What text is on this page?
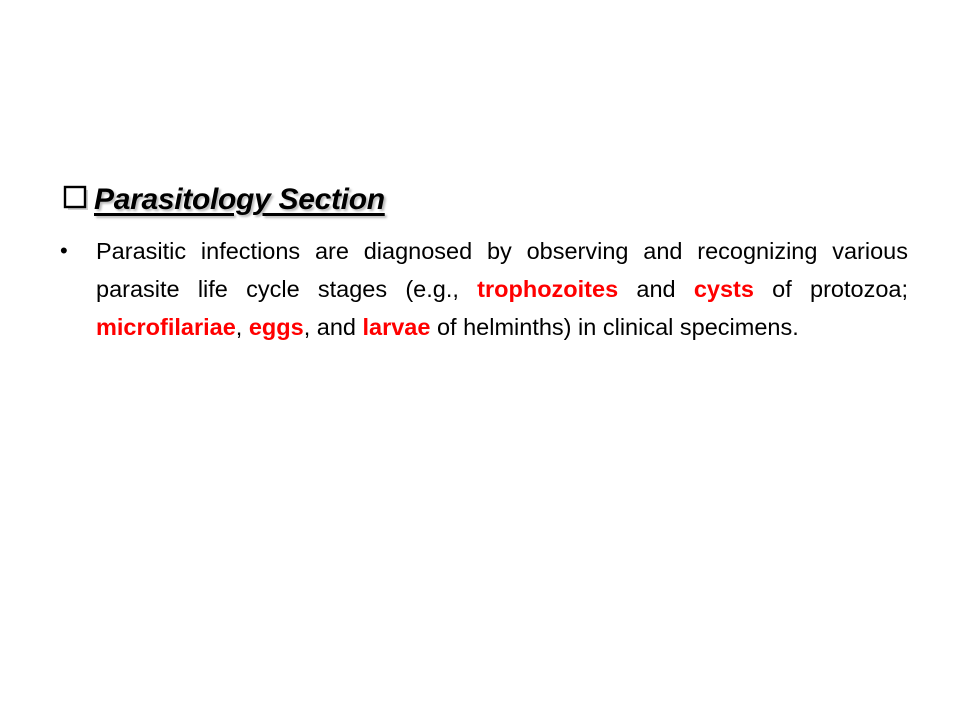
Parasitology Section
•	Parasitic infections are diagnosed by observing and recognizing various parasite life cycle stages (e.g., trophozoites and cysts of protozoa; microfilariae, eggs, and larvae of helminths) in clinical specimens.
